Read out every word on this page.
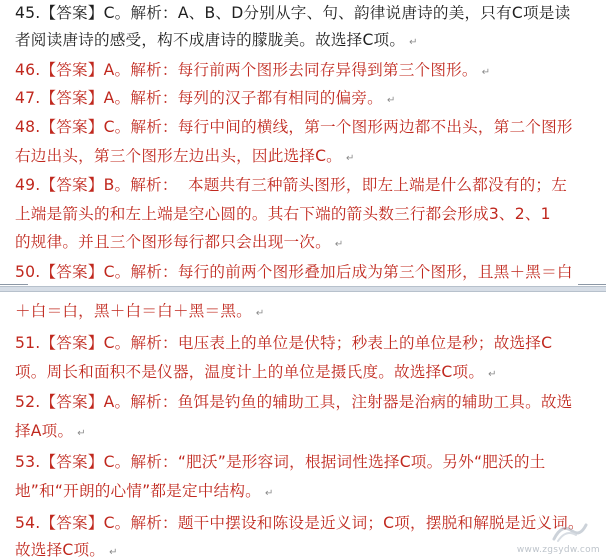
45.【答案】C。解析：A、B、D分别从字、句、韵律说唐诗的美，只有C项是读
者阅读唐诗的感受，构不成唐诗的朦胧美。故选择C项。 ↵
46.【答案】A。解析：每行前两个图形去同存异得到第三个图形。 ↵
47.【答案】A。解析：每列的汉子都有相同的偏旁。 ↵
48.【答案】C。解析：每行中间的横线，第一个图形两边都不出头，第二个图形
右边出头，第三个图形左边出头，因此选择C。 ↵
49.【答案】B。解析：  本题共有三种箭头图形，即左上端是什么都没有的；左
上端是箭头的和左上端是空心圆的。其右下端的箭头数三行都会形成3、2、1
的规律。并且三个图形每行都只会出现一次。 ↵
50.【答案】C。解析：每行的前两个图形叠加后成为第三个图形，且黑＋黑＝白
＋白＝白，黑＋白＝白＋黑＝黑。 ↵
51.【答案】C。解析：电压表上的单位是伏特；秒表上的单位是秒；故选择C
项。周长和面积不是仪器，温度计上的单位是摄氏度。故选择C项。 ↵
52.【答案】A。解析：鱼饵是钓鱼的辅助工具，注射器是治病的辅助工具。故选
择A项。 ↵
53.【答案】C。解析：“肥沃”是形容词，根据词性选择C项。另外“肥沃的土
地”和“开朗的心情”都是定中结构。 ↵
54.【答案】C。解析：题干中摆设和陈设是近义词；C项，摆脱和解脱是近义词。
故选择C项。 ↵	www.zgsydw.com
